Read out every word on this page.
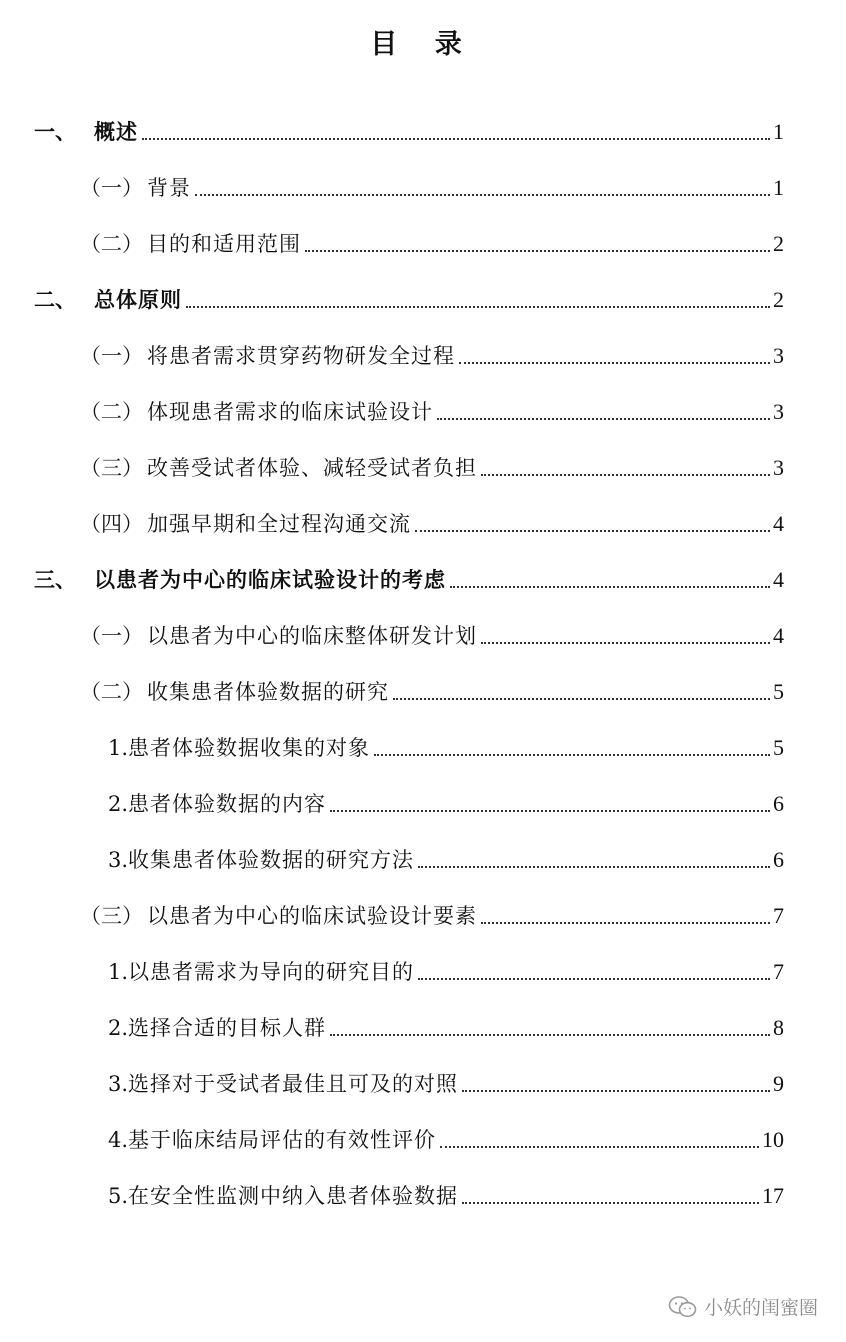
目 录
一、 概述	1
（一） 背景	1
（二） 目的和适用范围	2
二、 总体原则	2
（一） 将患者需求贯穿药物研发全过程	3
（二） 体现患者需求的临床试验设计	3
（三） 改善受试者体验、减轻受试者负担	3
（四） 加强早期和全过程沟通交流	4
三、 以患者为中心的临床试验设计的考虑	4
（一） 以患者为中心的临床整体研发计划	4
（二） 收集患者体验数据的研究	5
1. 患者体验数据收集的对象	5
2. 患者体验数据的内容	6
3. 收集患者体验数据的研究方法	6
（三） 以患者为中心的临床试验设计要素	7
1. 以患者需求为导向的研究目的	7
2. 选择合适的目标人群	8
3. 选择对于受试者最佳且可及的对照	9
4. 基于临床结局评估的有效性评价	10
5. 在安全性监测中纳入患者体验数据	17
小妖的闺蜜圈
